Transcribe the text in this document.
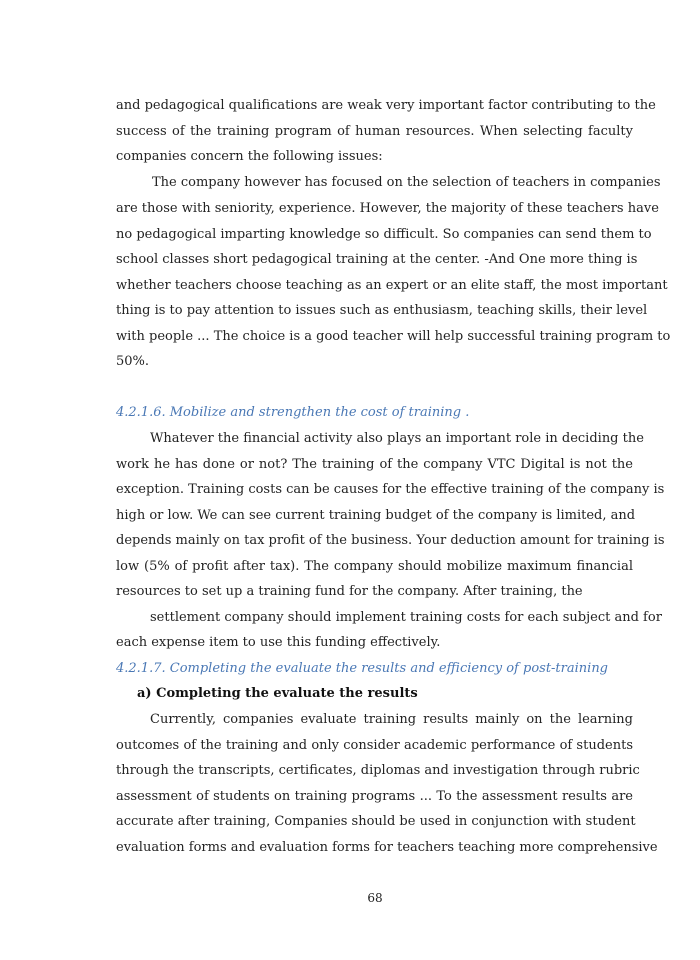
and pedagogical qualifications are weak very important factor contributing to the
success of the training program of human resources. When selecting faculty
companies concern the following issues:
The company however has focused on the selection of teachers in companies
are those with seniority, experience. However, the majority of these teachers have
no pedagogical imparting knowledge so difficult. So companies can send them to
school classes short pedagogical training at the center. -And One more thing is
whether teachers choose teaching as an expert or an elite staff, the most important
thing is to pay attention to issues such as enthusiasm, teaching skills, their level
with people ... The choice is a good teacher will help successful training program to
50%.
4.2.1.6. Mobilize and strengthen the cost of training .
Whatever the financial activity also plays an important role in deciding the
work he has done or not? The training of the company VTC Digital is not the
exception. Training costs can be causes for the effective training of the company is
high or low. We can see current training budget of the company is limited, and
depends mainly on tax profit of the business. Your deduction amount for training is
low (5% of profit after tax). The company should mobilize maximum financial
resources to set up a training fund for the company. After training, the
settlement company should implement training costs for each subject and for
each expense item to use this funding effectively.
4.2.1.7. Completing the evaluate the results and efficiency of post-training
a) Completing the evaluate the results
Currently, companies evaluate training results mainly on the learning
outcomes of the training and only consider academic performance of students
through the transcripts, certificates, diplomas and investigation through rubric
assessment of students on training programs ... To the assessment results are
accurate after training, Companies should be used in conjunction with student
evaluation forms and evaluation forms for teachers teaching more comprehensive
68
